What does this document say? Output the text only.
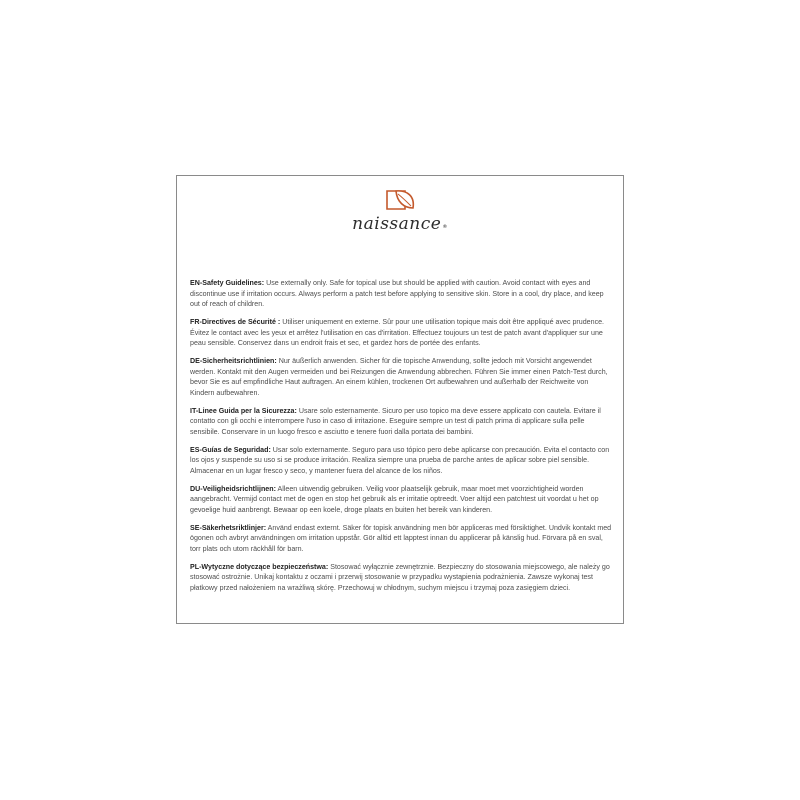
naissance®

EN-Safety Guidelines: Use externally only. Safe for topical use but should be applied with caution. Avoid contact with eyes and discontinue use if irritation occurs. Always perform a patch test before applying to sensitive skin. Store in a cool, dry place, and keep out of reach of children.

FR-Directives de Sécurité : Utiliser uniquement en externe. Sûr pour une utilisation topique mais doit être appliqué avec prudence. Évitez le contact avec les yeux et arrêtez l'utilisation en cas d'irritation. Effectuez toujours un test de patch avant d'appliquer sur une peau sensible. Conservez dans un endroit frais et sec, et gardez hors de portée des enfants.

DE-Sicherheitsrichtlinien: Nur äußerlich anwenden. Sicher für die topische Anwendung, sollte jedoch mit Vorsicht angewendet werden. Kontakt mit den Augen vermeiden und bei Reizungen die Anwendung abbrechen. Führen Sie immer einen Patch-Test durch, bevor Sie es auf empfindliche Haut auftragen. An einem kühlen, trockenen Ort aufbewahren und außerhalb der Reichweite von Kindern aufbewahren.

IT-Linee Guida per la Sicurezza: Usare solo esternamente. Sicuro per uso topico ma deve essere applicato con cautela. Evitare il contatto con gli occhi e interrompere l'uso in caso di irritazione. Eseguire sempre un test di patch prima di applicare sulla pelle sensibile. Conservare in un luogo fresco e asciutto e tenere fuori dalla portata dei bambini.

ES-Guías de Seguridad: Usar solo externamente. Seguro para uso tópico pero debe aplicarse con precaución. Evita el contacto con los ojos y suspende su uso si se produce irritación. Realiza siempre una prueba de parche antes de aplicar sobre piel sensible. Almacenar en un lugar fresco y seco, y mantener fuera del alcance de los niños.

DU-Veiligheidsrichtlijnen: Alleen uitwendig gebruiken. Veilig voor plaatselijk gebruik, maar moet met voorzichtigheid worden aangebracht. Vermijd contact met de ogen en stop het gebruik als er irritatie optreedt. Voer altijd een patchtest uit voordat u het op gevoelige huid aanbrengt. Bewaar op een koele, droge plaats en buiten het bereik van kinderen.

SE-Säkerhetsriktlinjer: Använd endast externt. Säker för topisk användning men bör appliceras med försiktighet. Undvik kontakt med ögonen och avbryt användningen om irritation uppstår. Gör alltid ett lapptest innan du applicerar på känslig hud. Förvara på en sval, torr plats och utom räckhåll för barn.

PL-Wytyczne dotyczące bezpieczeństwa: Stosować wyłącznie zewnętrznie. Bezpieczny do stosowania miejscowego, ale należy go stosować ostrożnie. Unikaj kontaktu z oczami i przerwij stosowanie w przypadku wystąpienia podrażnienia. Zawsze wykonaj test płatkowy przed nałożeniem na wrażliwą skórę. Przechowuj w chłodnym, suchym miejscu i trzymaj poza zasięgiem dzieci.
